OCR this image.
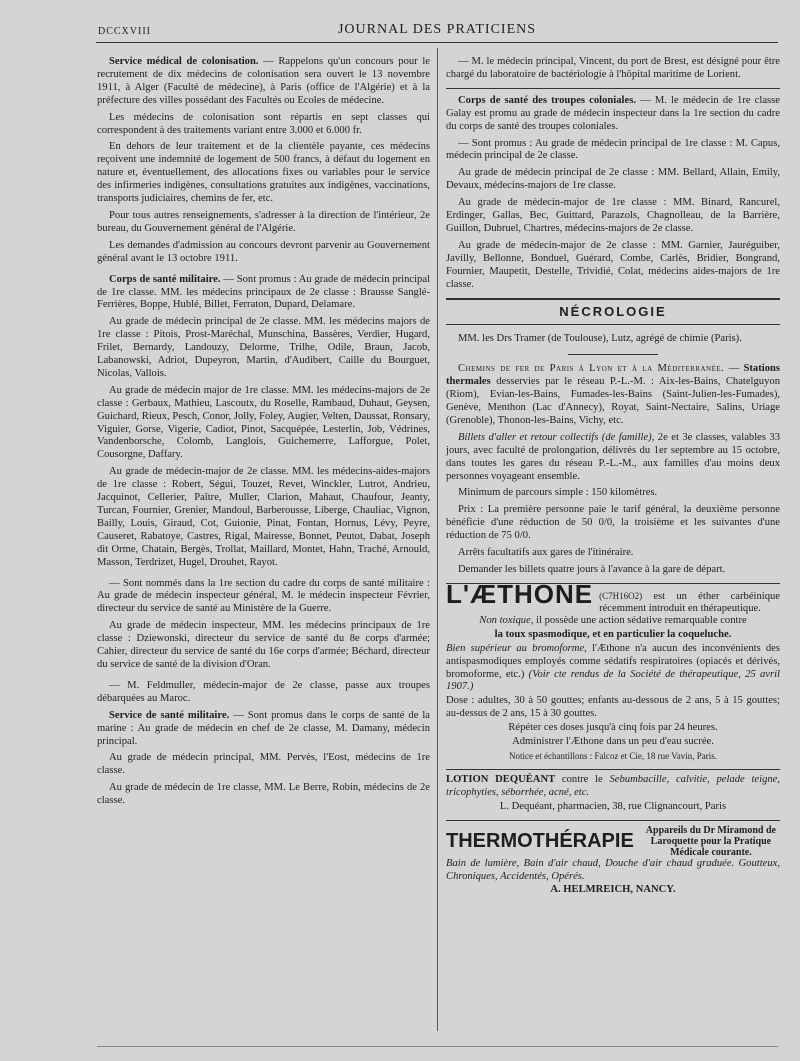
DCCXVIII	JOURNAL DES PRATICIENS

Service médical de colonisation. — Rappelons qu'un concours pour le recrutement de dix médecins de colonisation sera ouvert le 13 novembre 1911, à Alger (Faculté de médecine), à Paris (office de l'Algérie) et à la préfecture des villes possédant des Facultés ou Ecoles de médecine.

Les médecins de colonisation sont répartis en sept classes qui correspondent à des traitements variant entre 3.000 et 6.000 fr.

En dehors de leur traitement et de la clientèle payante, ces médecins reçoivent une indemnité de logement de 500 francs, à défaut du logement en nature et, éventuellement, des allocations fixes ou variables pour le service des infirmeries indigènes, consultations gratuites aux indigènes, vaccinations, transports judiciaires, chemins de fer, etc.

Pour tous autres renseignements, s'adresser à la direction de l'intérieur, 2e bureau, du Gouvernement général de l'Algérie.

Les demandes d'admission au concours devront parvenir au Gouvernement général avant le 13 octobre 1911.

Corps de santé militaire. — Sont promus : Au grade de médecin principal de 1re classe. MM. les médecins principaux de 2e classe : Brausse Sanglé-Ferrières, Boppe, Hublé, Billet, Ferraton, Dupard, Delamare.

Au grade de médecin principal de 2e classe. MM. les médecins majors de 1re classe : Pitois, Prost-Maréchal, Munschina, Bassères, Verdier, Hugard, Frilet, Bernardy, Landouzy, Delorme, Trilhe, Odile, Braun, Jacob, Labanowski, Adriot, Dupeyron, Martin, d'Audibert, Caille du Bourguet, Nicolas, Vallois.

Au grade de médecin major de 1re classe. MM. les médecins-majors de 2e classe : Gerbaux, Mathieu, Lascoutx, du Roselle, Rambaud, Duhaut, Geysen, Guichard, Rieux, Pesch, Conor, Jolly, Foley, Augier, Velten, Daussat, Ronsary, Viguier, Gorse, Vigerie, Cadiot, Pinot, Sacquépée, Lesterlin, Job, Védrines, Vandenborsche, Colomb, Langlois, Guichemerre, Lafforgue, Polet, Cousorgne, Daffary.

Au grade de médecin-major de 2e classe. MM. les médecins-aides-majors de 1re classe : Robert, Ségui, Touzet, Revet, Winckler, Lutrot, Andrieu, Jacquinot, Cellerier, Paître, Muller, Clarion, Mahaut, Chaufour, Jeanty, Turcan, Fournier, Grenier, Mandoul, Barberousse, Liberge, Chauliac, Vignon, Bailly, Louis, Giraud, Cot, Guionie, Pinat, Fontan, Hornus, Lévy, Peyre, Causeret, Rabatoye, Castres, Rigal, Mairesse, Bonnet, Peutot, Dabat, Joseph dit Orme, Chatain, Bergès, Trollat, Maillard, Montet, Hahn, Traché, Arnould, Masson, Terdrizet, Hugel, Drouhet, Rayot.

— Sont nommés dans la 1re section du cadre du corps de santé militaire : Au grade de médecin inspecteur général, M. le médecin inspecteur Février, directeur du service de santé au Ministère de la Guerre.

Au grade de médecin inspecteur, MM. les médecins principaux de 1re classe : Dziewonski, directeur du service de santé du 8e corps d'armée; Cahier, directeur du service de santé du 16e corps d'armée; Béchard, directeur du service de santé de la division d'Oran.

— M. Feldmuller, médecin-major de 2e classe, passe aux troupes débarquées au Maroc.

Service de santé militaire. — Sont promus dans le corps de santé de la marine : Au grade de médecin en chef de 2e classe, M. Damany, médecin principal.

Au grade de médecin principal, MM. Pervès, l'Eost, médecins de 1re classe.

Au grade de médecin de 1re classe, MM. Le Berre, Robin, médecins de 2e classe.

— M. le médecin principal, Vincent, du port de Brest, est désigné pour être chargé du laboratoire de bactériologie à l'hôpital maritime de Lorient.

Corps de santé des troupes coloniales. — M. le médecin de 1re classe Galay est promu au grade de médecin inspecteur dans la 1re section du cadre du corps de santé des troupes coloniales.

— Sont promus : Au grade de médecin principal de 1re classe : M. Capus, médecin principal de 2e classe.

Au grade de médecin principal de 2e classe : MM. Bellard, Allain, Emily, Devaux, médecins-majors de 1re classe.

Au grade de médecin-major de 1re classe : MM. Binard, Rancurel, Erdinger, Gallas, Bec, Guittard, Parazols, Chagnolleau, de la Barrière, Guillon, Dubruel, Chartres, médecins-majors de 2e classe.

Au grade de médecin-major de 2e classe : MM. Garnier, Jauréguiber, Javilly, Bellonne, Bonduel, Guérard, Combe, Carlès, Bridier, Bongrand, Fournier, Maupetit, Destelle, Trividié, Colat, médecins aides-majors de 1re classe.

NÉCROLOGIE

MM. les Drs Tramer (de Toulouse), Lutz, agrégé de chimie (Paris).

Chemins de fer de Paris à Lyon et à la Méditerranée. — Stations thermales desservies par le réseau P.-L.-M. : Aix-les-Bains, Chatelguyon (Riom), Evian-les-Bains, Fumades-les-Bains (Saint-Julien-les-Fumades), Genève, Menthon (Lac d'Annecy), Royat, Saint-Nectaire, Salins, Uriage (Grenoble), Thonon-les-Bains, Vichy, etc.

Billets d'aller et retour collectifs (de famille), 2e et 3e classes, valables 33 jours, avec faculté de prolongation, délivrés du 1er septembre au 15 octobre, dans toutes les gares du réseau P.-L.-M., aux familles d'au moins deux personnes voyageant ensemble.

Minimum de parcours simple : 150 kilomètres.

Prix : La première personne paie le tarif général, la deuxième personne bénéficie d'une réduction de 50 0/0, la troisième et les suivantes d'une réduction de 75 0/0.

Arrêts facultatifs aux gares de l'itinéraire.

Demander les billets quatre jours à l'avance à la gare de départ.

L'ÆTHONE (C7H16O2) est un éther carbéinique récemment introduit en thérapeutique.

Non toxique, il possède une action sédative remarquable contre

la toux spasmodique, et en particulier la coqueluche.

Bien supérieur au bromoforme, l'Æthone n'a aucun des inconvénients des antispasmodiques employés comme sédatifs respiratoires (opiacés et dérivés, bromoforme, etc.) (Voir cte rendus de la Société de thérapeutique, 25 avril 1907.)

Dose : adultes, 30 à 50 gouttes; enfants au-dessous de 2 ans, 5 à 15 gouttes; au-dessus de 2 ans, 15 à 30 gouttes.

Répéter ces doses jusqu'à cinq fois par 24 heures.

Administrer l'Æthone dans un peu d'eau sucrée.

Notice et échantillons : Falcoz et Cie, 18 rue Vavin, Paris.

LOTION DEQUÉANT contre le Sebumbacille, calvitie, pelade teigne, tricophyties, séborrhée, acné, etc.

L. Dequéant, pharmacien, 38, rue Clignancourt, Paris

THERMOTHÉRAPIE	Appareils du Dr Miramond de Laroquette pour la Pratique Médicale courante.

Bain de lumière, Bain d'air chaud, Douche d'air chaud graduée. Goutteux, Chroniques, Accidentés, Opérés.

A. HELMREICH, NANCY.
